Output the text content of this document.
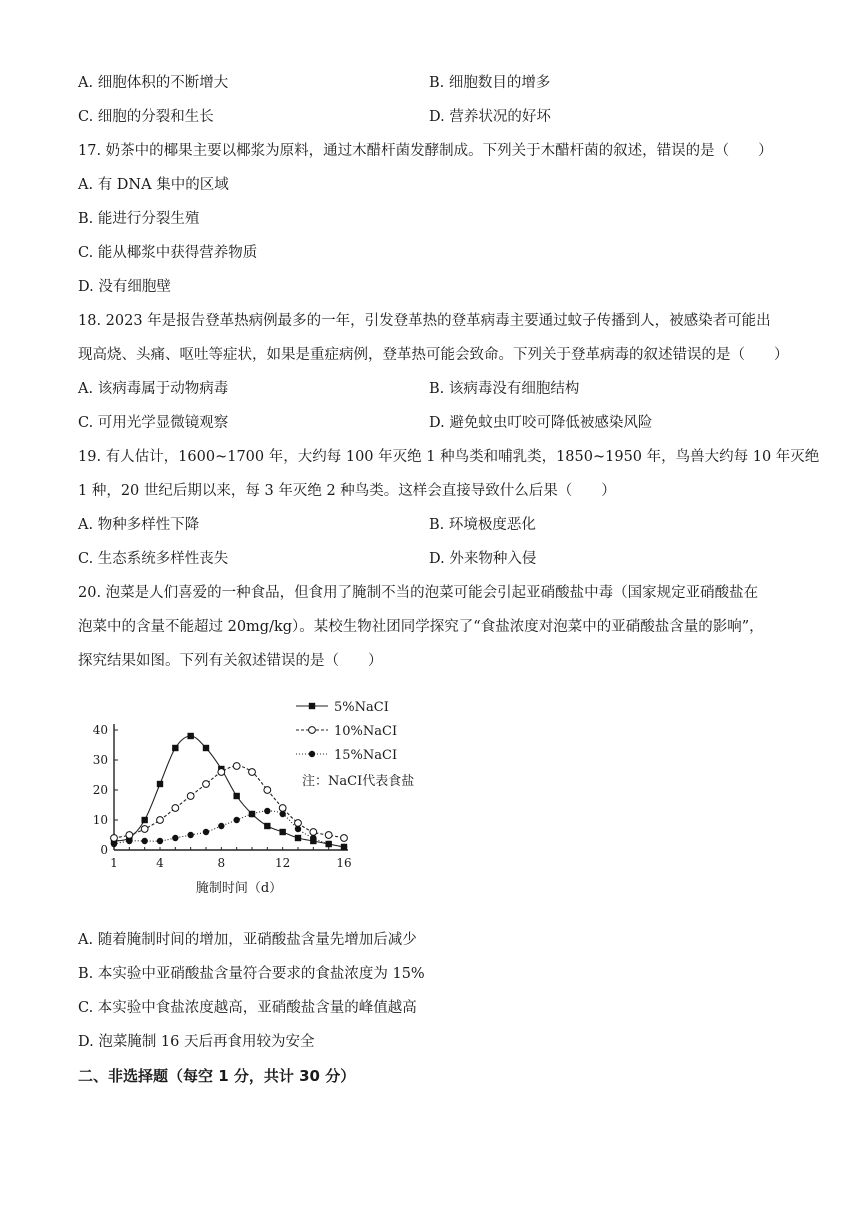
A. 细胞体积的不断增大	B. 细胞数目的增多
C. 细胞的分裂和生长	D. 营养状况的好坏
17. 奶茶中的椰果主要以椰浆为原料，通过木醋杆菌发酵制成。下列关于木醋杆菌的叙述，错误的是（　　）
A. 有 DNA 集中的区域
B. 能进行分裂生殖
C. 能从椰浆中获得营养物质
D. 没有细胞壁
18. 2023 年是报告登革热病例最多的一年，引发登革热的登革病毒主要通过蚊子传播到人，被感染者可能出
现高烧、头痛、呕吐等症状，如果是重症病例，登革热可能会致命。下列关于登革病毒的叙述错误的是（　　）
A. 该病毒属于动物病毒	B. 该病毒没有细胞结构
C. 可用光学显微镜观察	D. 避免蚊虫叮咬可降低被感染风险
19. 有人估计，1600~1700 年，大约每 100 年灭绝 1 种鸟类和哺乳类，1850~1950 年，鸟兽大约每 10 年灭绝
1 种，20 世纪后期以来，每 3 年灭绝 2 种鸟类。这样会直接导致什么后果（　　）
A. 物种多样性下降	B. 环境极度恶化
C. 生态系统多样性丧失	D. 外来物种入侵
20. 泡菜是人们喜爱的一种食品，但食用了腌制不当的泡菜可能会引起亚硝酸盐中毒（国家规定亚硝酸盐在
泡菜中的含量不能超过 20mg/kg）。某校生物社团同学探究了“食盐浓度对泡菜中的亚硝酸盐含量的影响”，
探究结果如图。下列有关叙述错误的是（　　）
0
10
20
30
40
1	4	8	12	16
腌制时间（d）
5%NaCI
10%NaCI
15%NaCI
注：NaCI代表食盐
A. 随着腌制时间的增加，亚硝酸盐含量先增加后减少
B. 本实验中亚硝酸盐含量符合要求的食盐浓度为 15%
C. 本实验中食盐浓度越高，亚硝酸盐含量的峰值越高
D. 泡菜腌制 16 天后再食用较为安全
二、非选择题（每空 1 分，共计 30 分）
